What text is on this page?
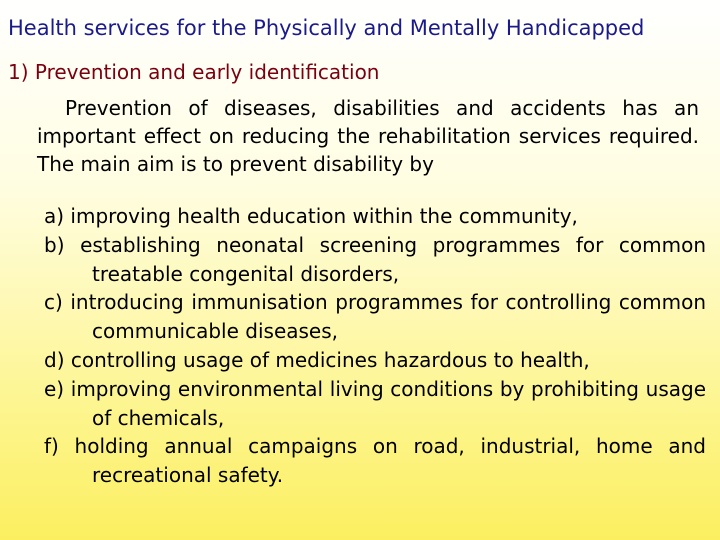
Health services for the Physically and Mentally Handicapped
1) Prevention and early identification

Prevention of diseases, disabilities and accidents has an important effect on reducing the rehabilitation services required. The main aim is to prevent disability by

a) improving health education within the community,
b) establishing neonatal screening programmes for common treatable congenital disorders,
c) introducing immunisation programmes for controlling common communicable diseases,
d) controlling usage of medicines hazardous to health,
e) improving environmental living conditions by prohibiting usage of chemicals,
f) holding annual campaigns on road, industrial, home and recreational safety.
